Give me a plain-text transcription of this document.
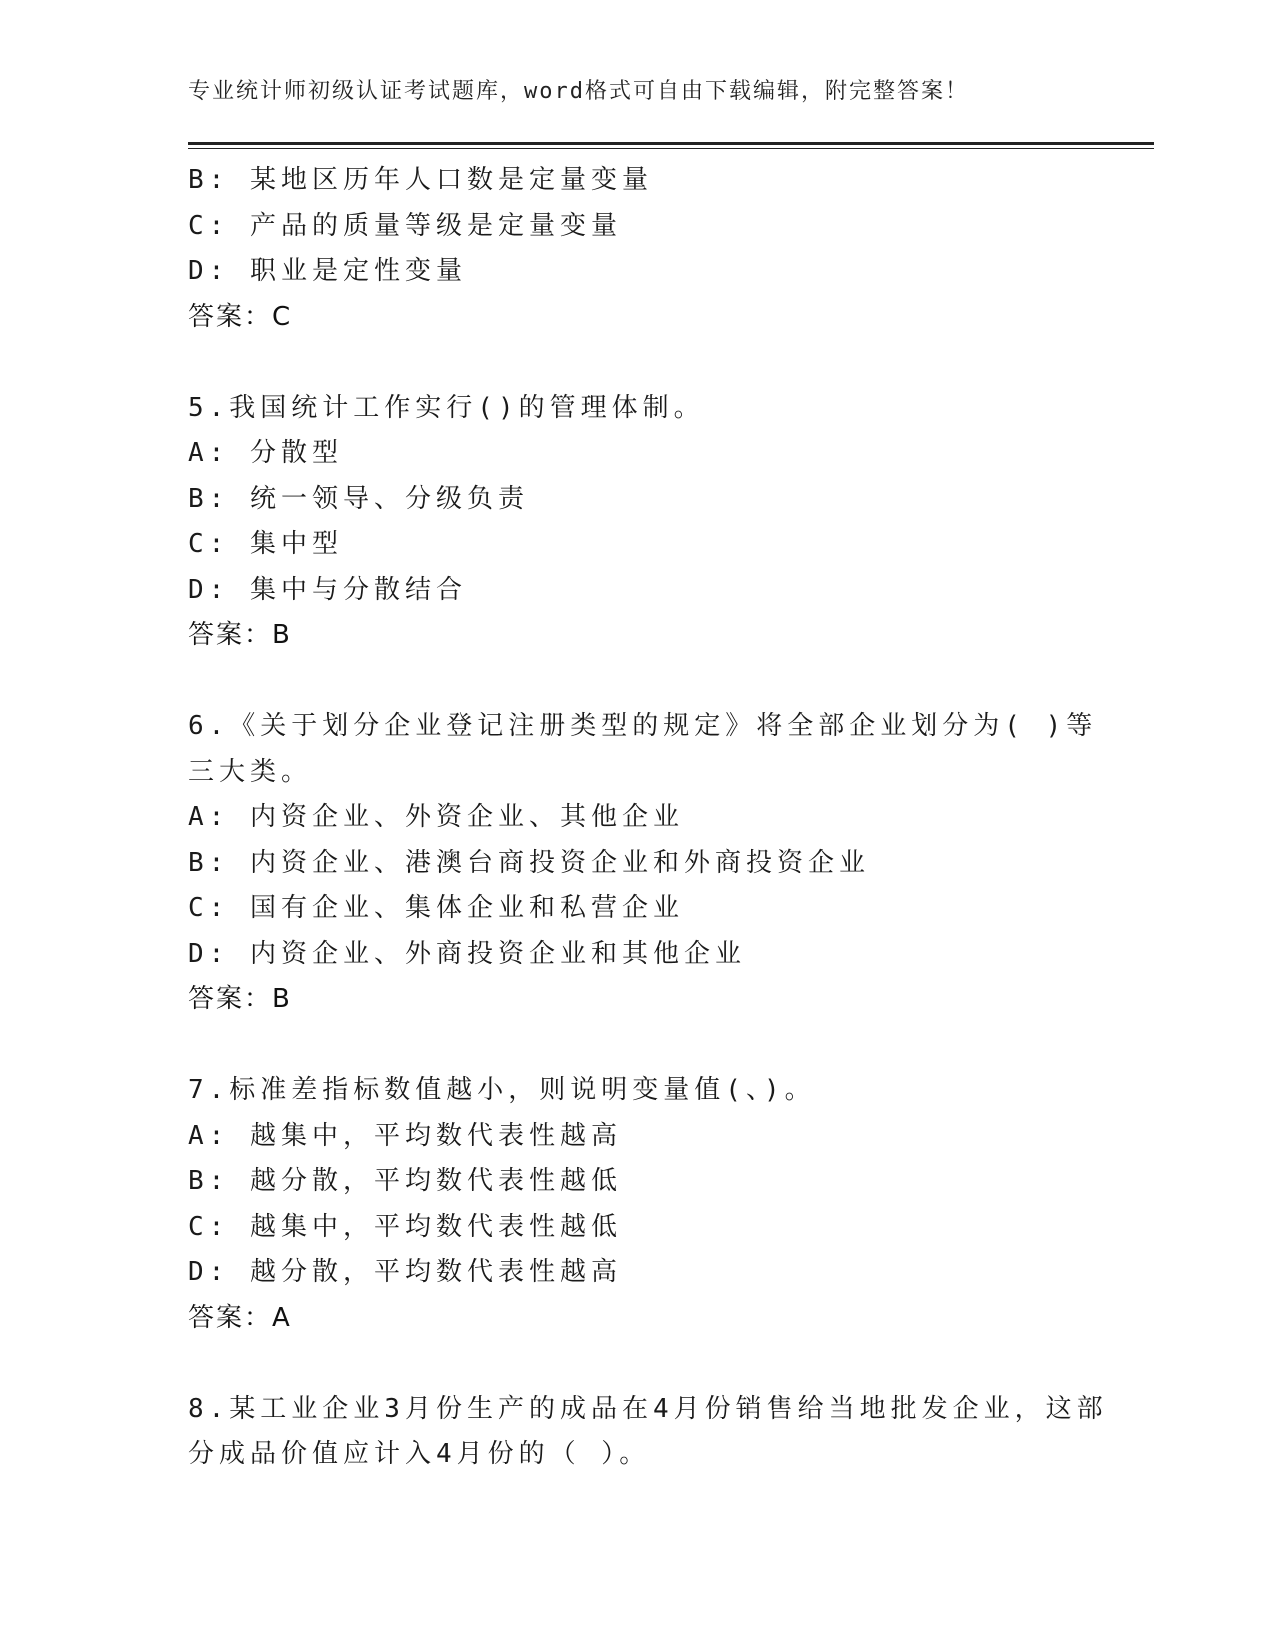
专业统计师初级认证考试题库，word格式可自由下载编辑，附完整答案！
B: 某地区历年人口数是定量变量
C: 产品的质量等级是定量变量
D: 职业是定性变量
答案：C
5.我国统计工作实行()的管理体制。
A: 分散型
B: 统一领导、分级负责
C: 集中型
D: 集中与分散结合
答案：B
6.《关于划分企业登记注册类型的规定》将全部企业划分为( )等
三大类。
A: 内资企业、外资企业、其他企业
B: 内资企业、港澳台商投资企业和外商投资企业
C: 国有企业、集体企业和私营企业
D: 内资企业、外商投资企业和其他企业
答案：B
7.标准差指标数值越小，则说明变量值(、)。
A: 越集中，平均数代表性越高
B: 越分散，平均数代表性越低
C: 越集中，平均数代表性越低
D: 越分散，平均数代表性越高
答案：A
8.某工业企业3月份生产的成品在4月份销售给当地批发企业，这部
分成品价值应计入4月份的（ ）。
